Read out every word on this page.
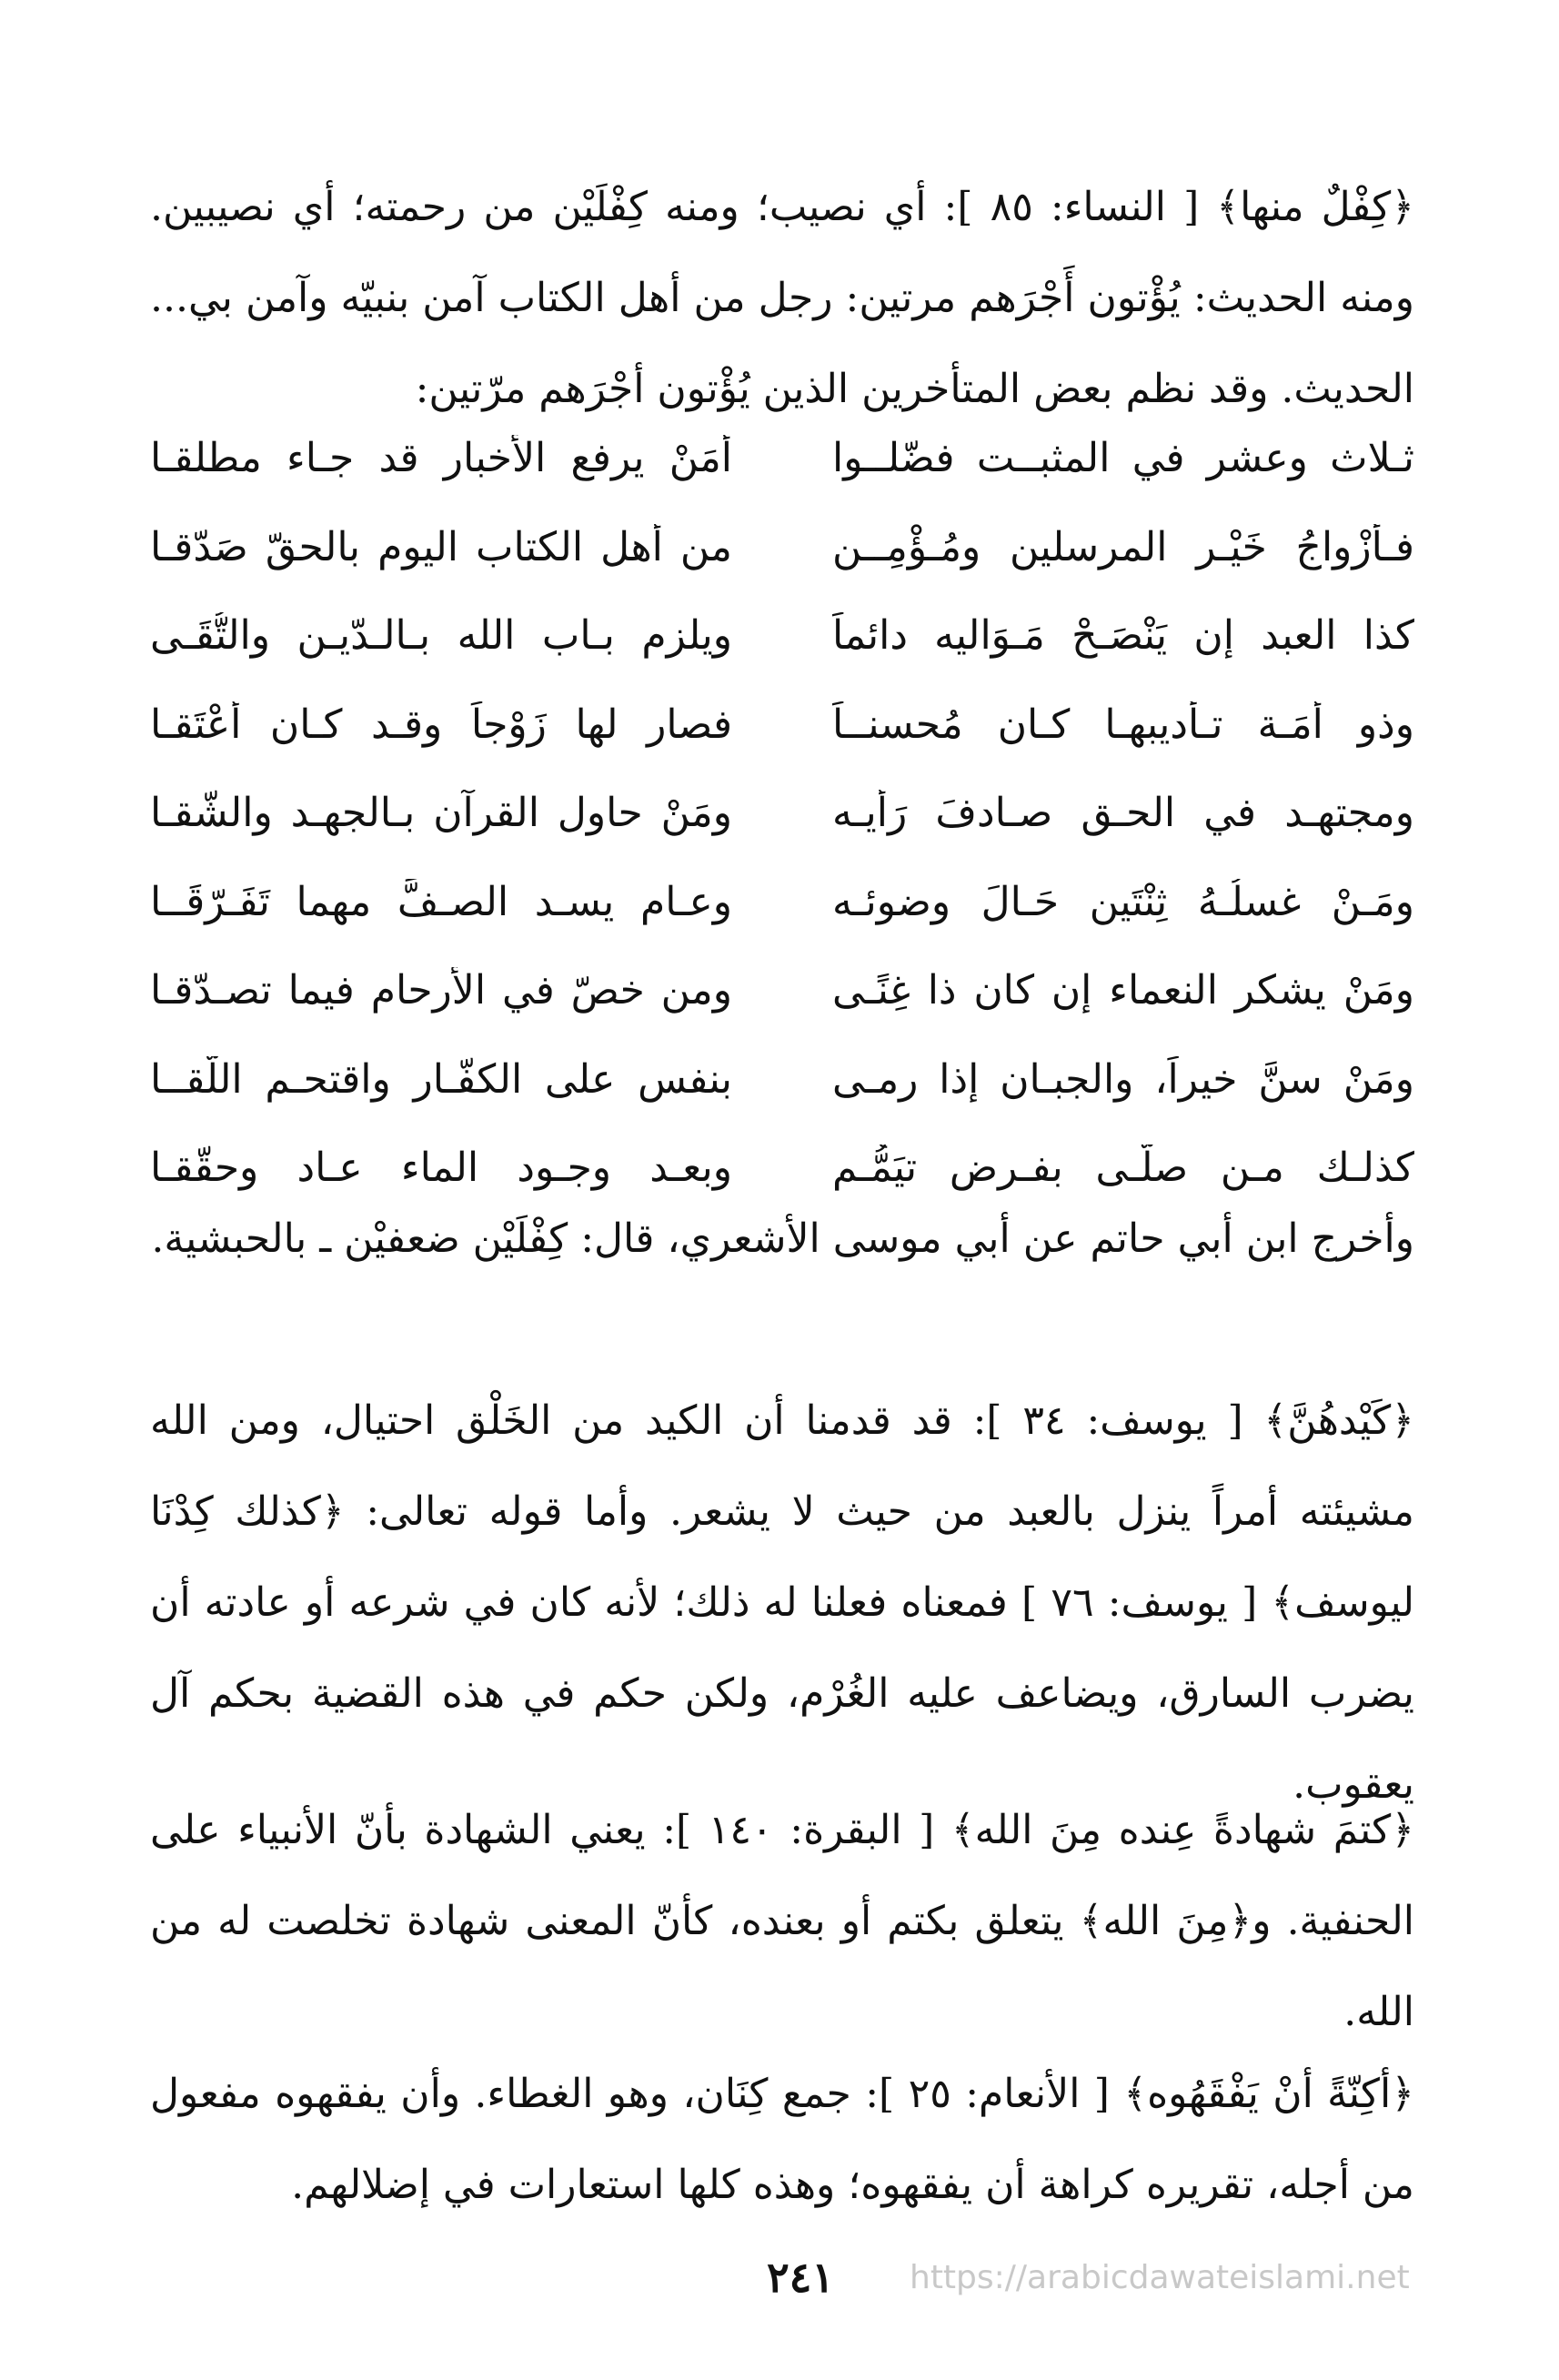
﴿كِفْلٌ منها﴾ [ النساء: ٨٥ ]: أي نصيب؛ ومنه كِفْلَيْن من رحمته؛ أي نصيبين. ومنه الحديث: يُؤْتون أَجْرَهم مرتين: رجل من أهل الكتاب آمن بنبيّه وآمن بي... الحديث. وقد نظم بعض المتأخرين الذين يُؤْتون أجْرَهم مرّتين:

ثـلاث وعشر في المثبــت فضّلــوا
أمَنْ يرفع الأخبار قد جـاء مطلقـا
فـأَزْواجُ خَيْـرِ المرسلين ومُـؤْمِــن
من أهل الكتاب اليوم بالحقّ صَدّقـا
كذا العبد إن يَنْصَـحْ مَـوَاليه دائماً
ويلزم بـاب الله بـالـدّيـن والتُّقَـى
وذو أمَـة تـأديبهـا كـان مُحسنــاً
فصار لها زَوْجاً وقـد كـان أَعْتَقـا
ومجتهـد في الحـق صـادفَ رَأْيـه
ومَنْ حاول القرآن بـالجهـد والشّقـا
ومَـنْ غسلُـهُ ثِنْتَين حَـالَ وضوئـه
وعـامٍ يسـد الصـفَّ مهما تَفَـرّقَــا
ومَنْ يشكر النعماء إن كان ذا غِنًـى
ومن خصّ في الأرحام فيما تصـدّقـا
ومَنْ سنَّ خيراً، والجبـان إذا رمـى
بنفس على الكفّـار واقتحـم اللّقــا
كذلـك مـن صلّـى بفـرض تيَمُّـم
وبعـد وجـود الماء عـاد وحقّقـا

وأخرج ابن أبي حاتم عن أبي موسى الأشعري، قال: كِفْلَيْن ضعفيْن ـ بالحبشية.

﴿كَيْدهُنَّ﴾ [ يوسف: ٣٤ ]: قد قدمنا أن الكيد من الخَلْق احتيال، ومن الله مشيئته أمراً ينزل بالعبد من حيث لا يشعر. وأما قوله تعالى: ﴿كذلك كِدْنَا ليوسف﴾ [ يوسف: ٧٦ ] فمعناه فعلنا له ذلك؛ لأنه كان في شرعه أو عادته أن يضرب السارق، ويضاعف عليه الغُرْم، ولكن حكم في هذه القضية بحكم آل يعقوب.

﴿كتمَ شهادةً عِنده مِنَ الله﴾ [ البقرة: ١٤٠ ]: يعني الشهادة بأنّ الأنبياء على الحنفية. و﴿مِنَ الله﴾ يتعلق بكتم أو بعنده، كأنّ المعنى شهادة تخلصت له من الله.

﴿أكِنّةً أنْ يَفْقَهُوه﴾ [ الأنعام: ٢٥ ]: جمع كِنَان، وهو الغطاء. وأن يفقهوه مفعول من أجله، تقريره كراهة أن يفقهوه؛ وهذه كلها استعارات في إضلالهم.

٢٤١	https://arabicdawateislami.net
